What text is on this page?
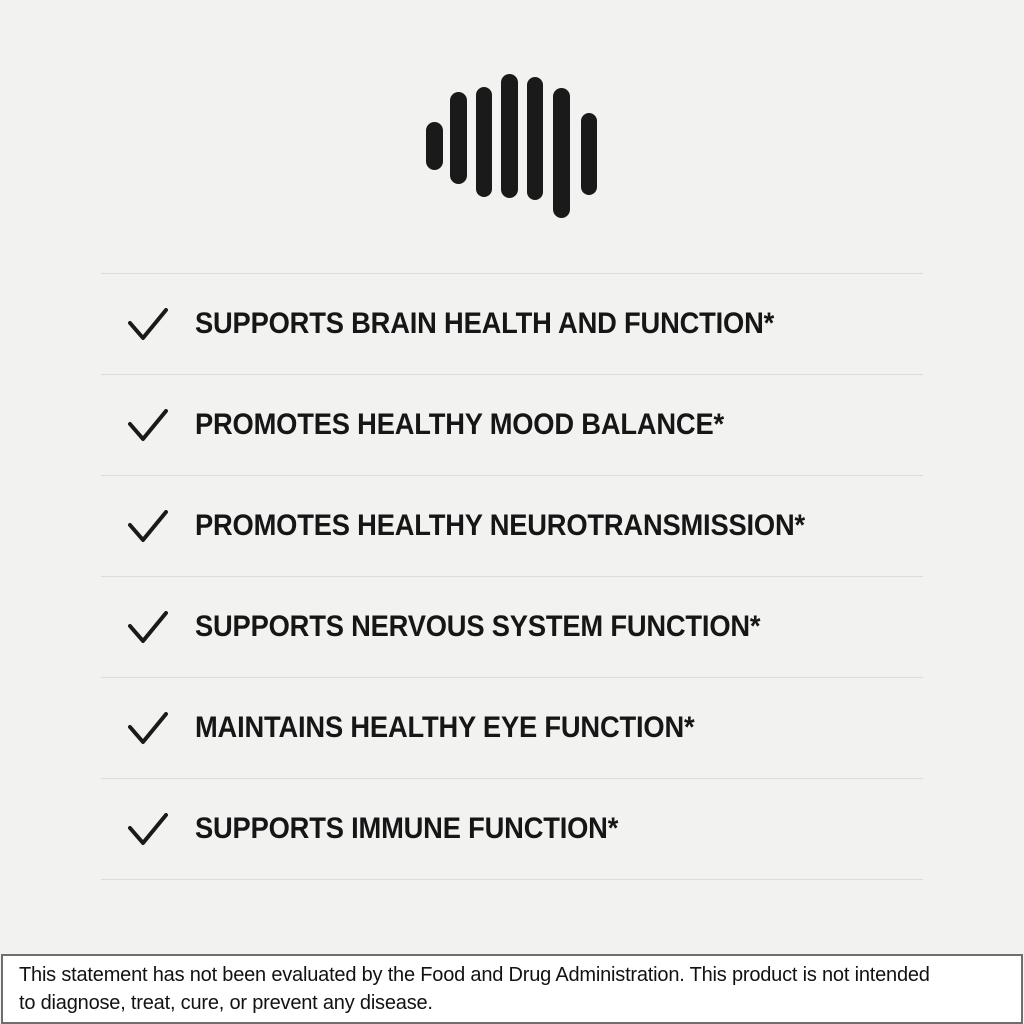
SUPPORTS BRAIN HEALTH AND FUNCTION*
PROMOTES HEALTHY MOOD BALANCE*
PROMOTES HEALTHY NEUROTRANSMISSION*
SUPPORTS NERVOUS SYSTEM FUNCTION*
MAINTAINS HEALTHY EYE FUNCTION*
SUPPORTS IMMUNE FUNCTION*
This statement has not been evaluated by the Food and Drug Administration. This product is not intended
to diagnose, treat, cure, or prevent any disease.
